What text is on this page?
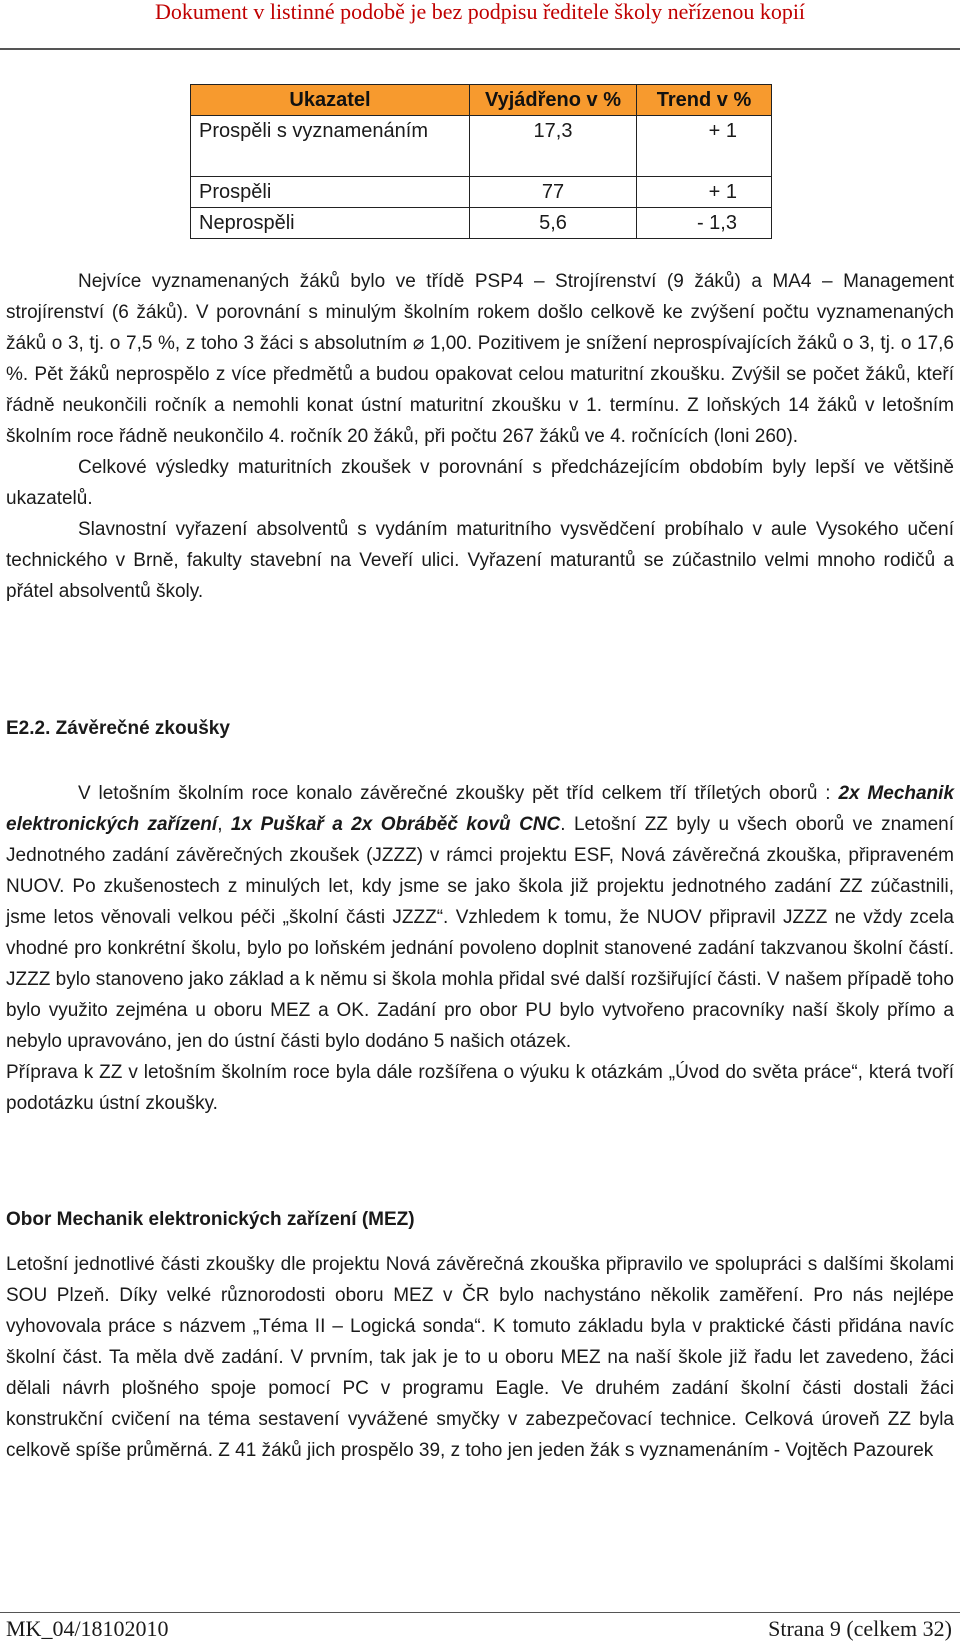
Dokument v listinné podobě je bez podpisu ředitele školy neřízenou kopií
Ukazatel	Vyjádřeno v %	Trend v %
Prospěli s vyznamenáním	17,3	+ 1
Prospěli	77	+ 1
Neprospěli	5,6	- 1,3

Nejvíce vyznamenaných žáků bylo ve třídě PSP4 – Strojírenství (9 žáků) a MA4 – Management strojírenství (6 žáků). V porovnání s minulým školním rokem došlo celkově ke zvýšení počtu vyznamenaných žáků o 3, tj. o 7,5 %, z toho 3 žáci s absolutním ⌀ 1,00. Pozitivem je snížení neprospívajících žáků o 3, tj. o 17,6 %. Pět žáků neprospělo z více předmětů a budou opakovat celou maturitní zkoušku. Zvýšil se počet žáků, kteří řádně neukončili ročník a nemohli konat ústní maturitní zkoušku v 1. termínu. Z loňských 14 žáků v letošním školním roce řádně neukončilo 4. ročník 20 žáků, při počtu 267 žáků ve 4. ročnících (loni 260).

Celkové výsledky maturitních zkoušek v porovnání s předcházejícím obdobím byly lepší ve většině ukazatelů.

Slavnostní vyřazení absolventů s vydáním maturitního vysvědčení probíhalo v aule Vysokého učení technického v Brně, fakulty stavební na Veveří ulici. Vyřazení maturantů se zúčastnilo velmi mnoho rodičů a přátel absolventů školy.

E2.2. Závěrečné zkoušky

V letošním školním roce konalo závěrečné zkoušky pět tříd celkem tří tříletých oborů : 2x Mechanik elektronických zařízení, 1x Puškař a 2x Obráběč kovů CNC. Letošní ZZ byly u všech oborů ve znamení Jednotného zadání závěrečných zkoušek (JZZZ) v rámci projektu ESF, Nová závěrečná zkouška, připraveném NUOV. Po zkušenostech z minulých let, kdy jsme se jako škola již projektu jednotného zadání ZZ zúčastnili, jsme letos věnovali velkou péči „školní části JZZZ“. Vzhledem k tomu, že NUOV připravil JZZZ ne vždy zcela vhodné pro konkrétní školu, bylo po loňském jednání povoleno doplnit stanovené zadání takzvanou školní částí. JZZZ bylo stanoveno jako základ a k němu si škola mohla přidal své další rozšiřující části. V našem případě toho bylo využito zejména u oboru MEZ a OK. Zadání pro obor PU bylo vytvořeno pracovníky naší školy přímo a nebylo upravováno, jen do ústní části bylo dodáno 5 našich otázek.

Příprava k ZZ v letošním školním roce byla dále rozšířena o výuku k otázkám „Úvod do světa práce“, která tvoří podotázku ústní zkoušky.

Obor Mechanik elektronických zařízení (MEZ)

Letošní jednotlivé části zkoušky dle projektu Nová závěrečná zkouška připravilo ve spolupráci s dalšími školami SOU Plzeň. Díky velké různorodosti oboru MEZ v ČR bylo nachystáno několik zaměření. Pro nás nejlépe vyhovovala práce s názvem „Téma II – Logická sonda“. K tomuto základu byla v praktické části přidána navíc školní část. Ta měla dvě zadání. V prvním, tak jak je to u oboru MEZ na naší škole již řadu let zavedeno, žáci dělali návrh plošného spoje pomocí PC v programu Eagle. Ve druhém zadání školní části dostali žáci konstrukční cvičení na téma sestavení vyvážené smyčky v zabezpečovací technice. Celková úroveň ZZ byla celkově spíše průměrná. Z 41 žáků jich prospělo 39, z toho jen jeden žák s vyznamenáním - Vojtěch Pazourek

MK_04/18102010	Strana 9 (celkem 32)
